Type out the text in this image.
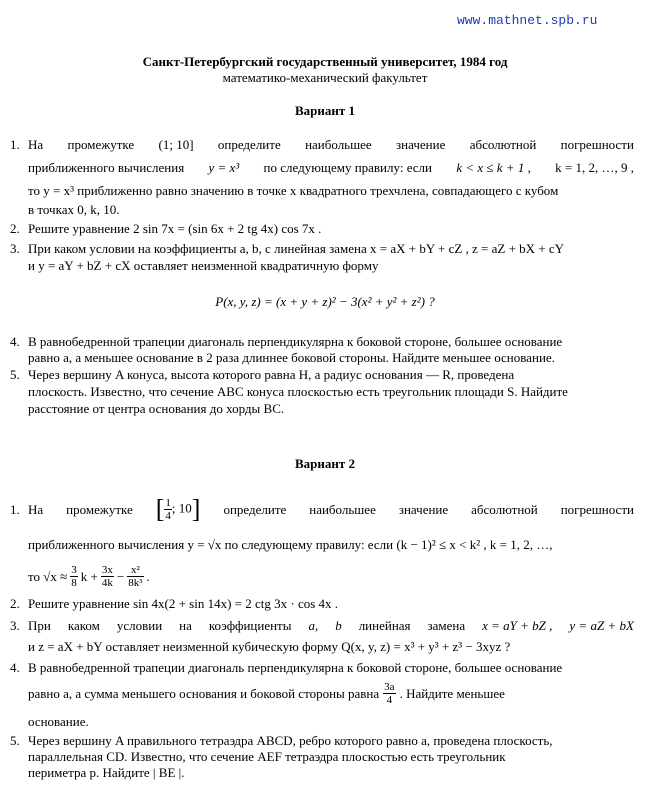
www.mathnet.spb.ru
Санкт-Петербургский государственный университет, 1984 год
математико-механический факультет
Вариант 1
1. На промежутке (1; 10] определите наибольшее значение абсолютной погрешности
приближенного вычисления y = x³ по следующему правилу: если k < x ≤ k + 1 , k = 1, 2, …, 9 ,
то y = x³ приближенно равно значению в точке x квадратного трехчлена, совпадающего с кубом
в точках 0, k, 10.
2. Решите уравнение 2 sin 7x = (sin 6x + 2 tg 4x) cos 7x .
3. При каком условии на коэффициенты a, b, c линейная замена x = aX + bY + cZ , z = aZ + bX + cY
и y = aY + bZ + cX оставляет неизменной квадратичную форму
P(x, y, z) = (x + y + z)² − 3(x² + y² + z²) ?
4. В равнобедренной трапеции диагональ перпендикулярна к боковой стороне, большее основание
равно a, а меньшее основание в 2 раза длиннее боковой стороны. Найдите меньшее основание.
5. Через вершину A конуса, высота которого равна H, а радиус основания — R, проведена
плоскость. Известно, что сечение ABC конуса плоскостью есть треугольник площади S. Найдите
расстояние от центра основания до хорды BC.
Вариант 2
1. На промежутке [ $\frac{1}{4}$ ; 10] определите наибольшее значение абсолютной погрешности
приближенного вычисления y = √x по следующему правилу: если (k − 1)² ≤ x < k² , k = 1, 2, …,
то $√x \approx \frac{3}{8}$ $k + \frac{3x}{4k} - \frac{\text{x²}}{\text{8k³}}$ .
2. Решите уравнение sin 4x(2 + sin 14x) = 2 ctg 3x · cos 4x .
3. При каком условии на коэффициенты a, b линейная замена x = aY + bZ , y = aZ + bX
и z = aX + bY оставляет неизменной кубическую форму Q(x, y, z) = x³ + y³ + z³ − 3xyz ?
4. В равнобедренной трапеции диагональ перпендикулярна к боковой стороне, большее основание
равно a, а сумма меньшего основания и боковой стороны равна $\frac{3a}{4}$ . Найдите меньшее
основание.
5. Через вершину A правильного тетраэдра ABCD, ребро которого равно a, проведена плоскость,
параллельная CD. Известно, что сечение AEF тетраэдра плоскостью есть треугольник
периметра p. Найдите | BE |.
